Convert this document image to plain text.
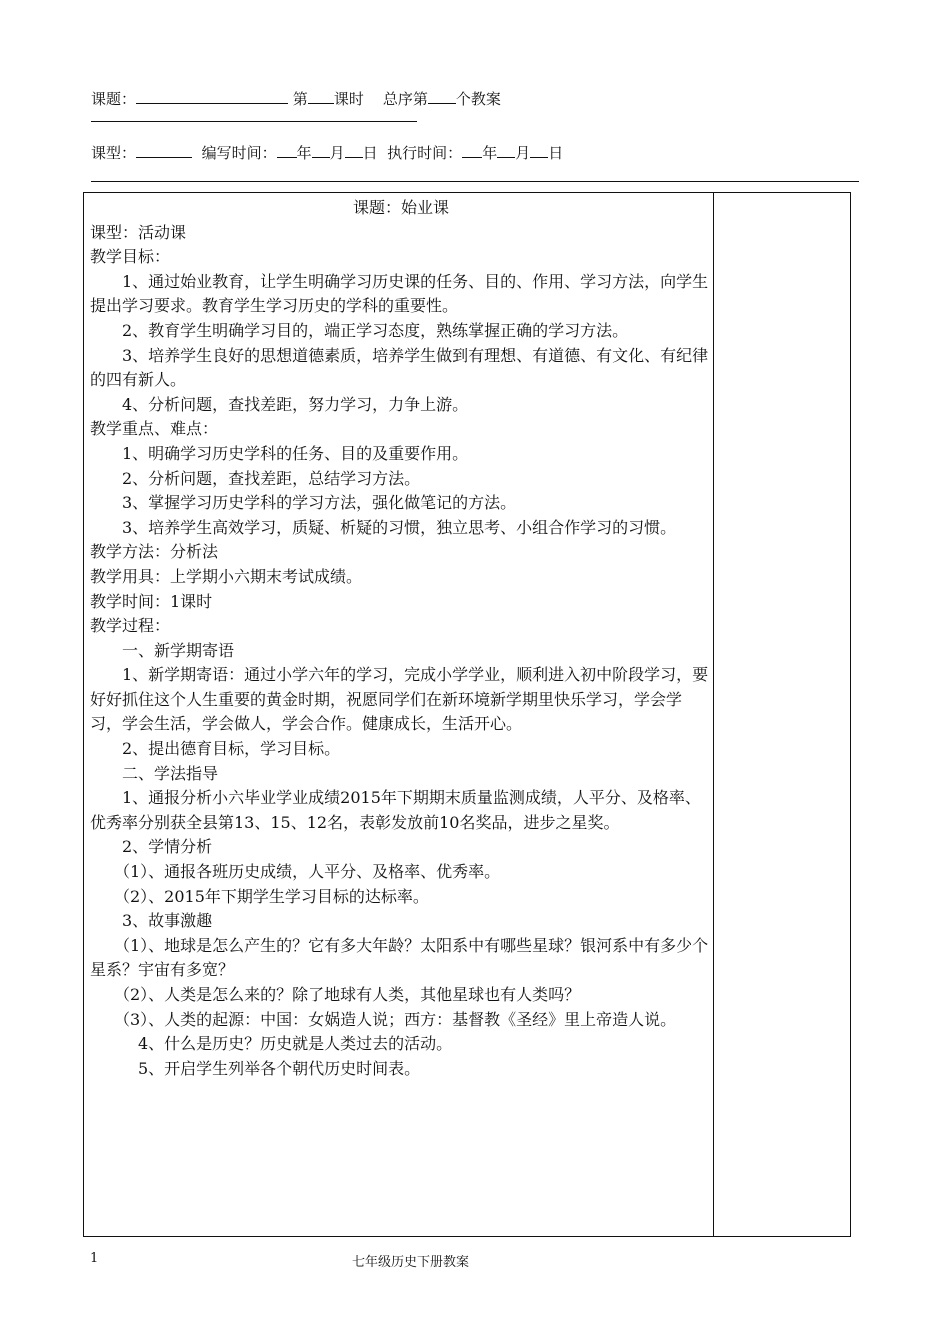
课题：	第 课时 总序第 个教案
课型：	编写时间： 年 月 日 执行时间： 年 月 日

课题：始业课

课型：活动课

教学目标：

　　1、通过始业教育，让学生明确学习历史课的任务、目的、作用、学习方法，向学生提出学习要求。教育学生学习历史的学科的重要性。

　　2、教育学生明确学习目的，端正学习态度，熟练掌握正确的学习方法。

　　3、培养学生良好的思想道德素质，培养学生做到有理想、有道德、有文化、有纪律的四有新人。

　　4、分析问题，查找差距，努力学习，力争上游。

教学重点、难点：

　　1、明确学习历史学科的任务、目的及重要作用。

　　2、分析问题，查找差距，总结学习方法。

　　3、掌握学习历史学科的学习方法，强化做笔记的方法。

　　3、培养学生高效学习，质疑、析疑的习惯，独立思考、小组合作学习的习惯。

教学方法：分析法

教学用具：上学期小六期末考试成绩。

教学时间：1课时

教学过程：

　　一、新学期寄语

　　1、新学期寄语：通过小学六年的学习，完成小学学业，顺利进入初中阶段学习，要好好抓住这个人生重要的黄金时期，祝愿同学们在新环境新学期里快乐学习，学会学习，学会生活，学会做人，学会合作。健康成长，生活开心。

　　2、提出德育目标，学习目标。

　　二、学法指导

　　1、通报分析小六毕业学业成绩2015年下期期末质量监测成绩，人平分、及格率、优秀率分别获全县第13、15、12名，表彰发放前10名奖品，进步之星奖。

　　2、学情分析

　　（1）、通报各班历史成绩，人平分、及格率、优秀率。

　　（2）、2015年下期学生学习目标的达标率。

　　3、故事激趣

　　（1）、地球是怎么产生的？它有多大年龄？太阳系中有哪些星球？银河系中有多少个星系？宇宙有多宽？

　　（2）、人类是怎么来的？除了地球有人类，其他星球也有人类吗？

　　（3）、人类的起源：中国：女娲造人说；西方：基督教《圣经》里上帝造人说。

　　　4、什么是历史？历史就是人类过去的活动。

　　　5、开启学生列举各个朝代历史时间表。

1	七年级历史下册教案
